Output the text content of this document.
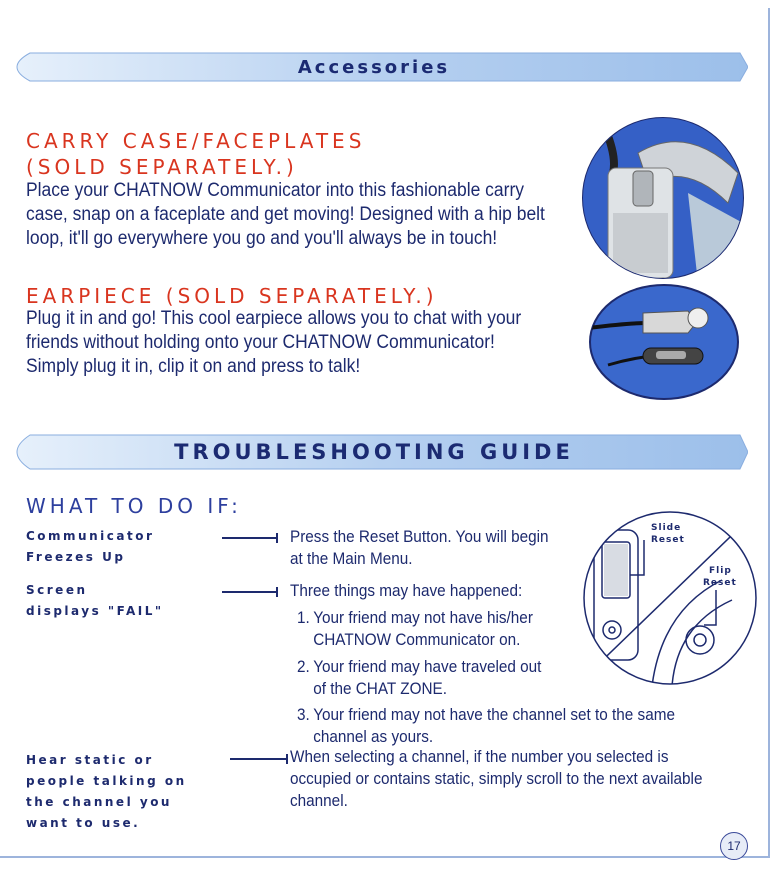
Accessories
CARRY CASE/FACEPLATES
(SOLD SEPARATELY.)
Place your CHATNOW Communicator into this fashionable carry
case, snap on a faceplate and get moving! Designed with a hip belt
loop, it'll go everywhere you go and you'll always be in touch!
EARPIECE (SOLD SEPARATELY.)
Plug it in and go! This cool earpiece allows you to chat with your
friends without holding onto your CHATNOW Communicator!
Simply plug it in, clip it on and press to talk!
TROUBLESHOOTING GUIDE
WHAT TO DO IF:
Communicator
Freezes Up
Press the Reset Button. You will begin
at the Main Menu.
Screen
displays "FAIL"
Three things may have happened:
1. Your friend may not have his/her
CHATNOW Communicator on.
2. Your friend may have traveled out
of the CHAT ZONE.
3. Your friend may not have the channel set to the same
channel as yours.
Hear static or
people talking on
the channel you
want to use.
When selecting a channel, if the number you selected is
occupied or contains static, simply scroll to the next available
channel.
Slide
Reset
Flip
Reset
17
